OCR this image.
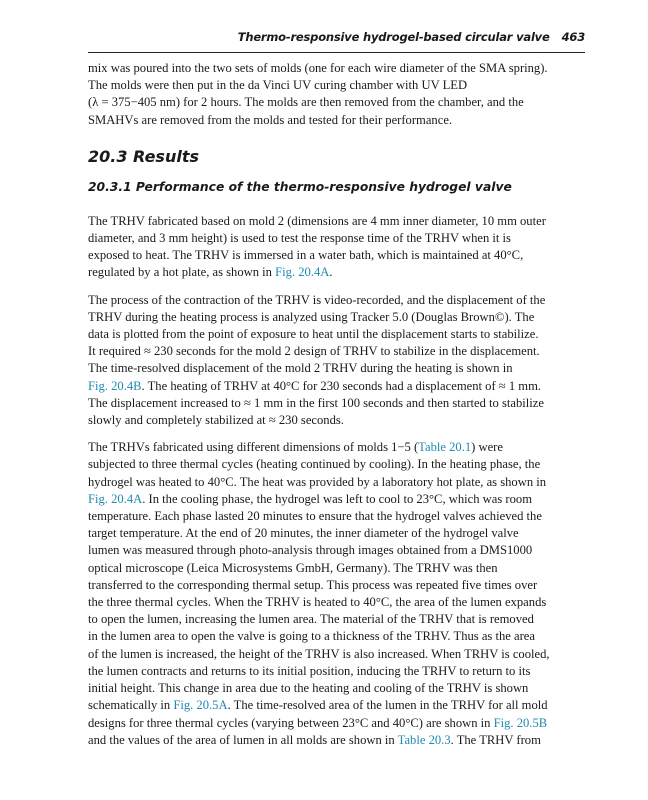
Thermo-responsive hydrogel-based circular valve 463

mix was poured into the two sets of molds (one for each wire diameter of the SMA spring).
The molds were then put in the da Vinci UV curing chamber with UV LED
(λ = 375−405 nm) for 2 hours. The molds are then removed from the chamber, and the
SMAHVs are removed from the molds and tested for their performance.

20.3 Results
20.3.1 Performance of the thermo-responsive hydrogel valve

The TRHV fabricated based on mold 2 (dimensions are 4 mm inner diameter, 10 mm outer
diameter, and 3 mm height) is used to test the response time of the TRHV when it is
exposed to heat. The TRHV is immersed in a water bath, which is maintained at 40°C,
regulated by a hot plate, as shown in Fig. 20.4A.

The process of the contraction of the TRHV is video-recorded, and the displacement of the
TRHV during the heating process is analyzed using Tracker 5.0 (Douglas Brown©). The
data is plotted from the point of exposure to heat until the displacement starts to stabilize.
It required ≈ 230 seconds for the mold 2 design of TRHV to stabilize in the displacement.
The time-resolved displacement of the mold 2 TRHV during the heating is shown in
Fig. 20.4B. The heating of TRHV at 40°C for 230 seconds had a displacement of ≈ 1 mm.
The displacement increased to ≈ 1 mm in the first 100 seconds and then started to stabilize
slowly and completely stabilized at ≈ 230 seconds.

The TRHVs fabricated using different dimensions of molds 1−5 (Table 20.1) were
subjected to three thermal cycles (heating continued by cooling). In the heating phase, the
hydrogel was heated to 40°C. The heat was provided by a laboratory hot plate, as shown in
Fig. 20.4A. In the cooling phase, the hydrogel was left to cool to 23°C, which was room
temperature. Each phase lasted 20 minutes to ensure that the hydrogel valves achieved the
target temperature. At the end of 20 minutes, the inner diameter of the hydrogel valve
lumen was measured through photo-analysis through images obtained from a DMS1000
optical microscope (Leica Microsystems GmbH, Germany). The TRHV was then
transferred to the corresponding thermal setup. This process was repeated five times over
the three thermal cycles. When the TRHV is heated to 40°C, the area of the lumen expands
to open the lumen, increasing the lumen area. The material of the TRHV that is removed
in the lumen area to open the valve is going to a thickness of the TRHV. Thus as the area
of the lumen is increased, the height of the TRHV is also increased. When TRHV is cooled,
the lumen contracts and returns to its initial position, inducing the TRHV to return to its
initial height. This change in area due to the heating and cooling of the TRHV is shown
schematically in Fig. 20.5A. The time-resolved area of the lumen in the TRHV for all mold
designs for three thermal cycles (varying between 23°C and 40°C) are shown in Fig. 20.5B
and the values of the area of lumen in all molds are shown in Table 20.3. The TRHV from
